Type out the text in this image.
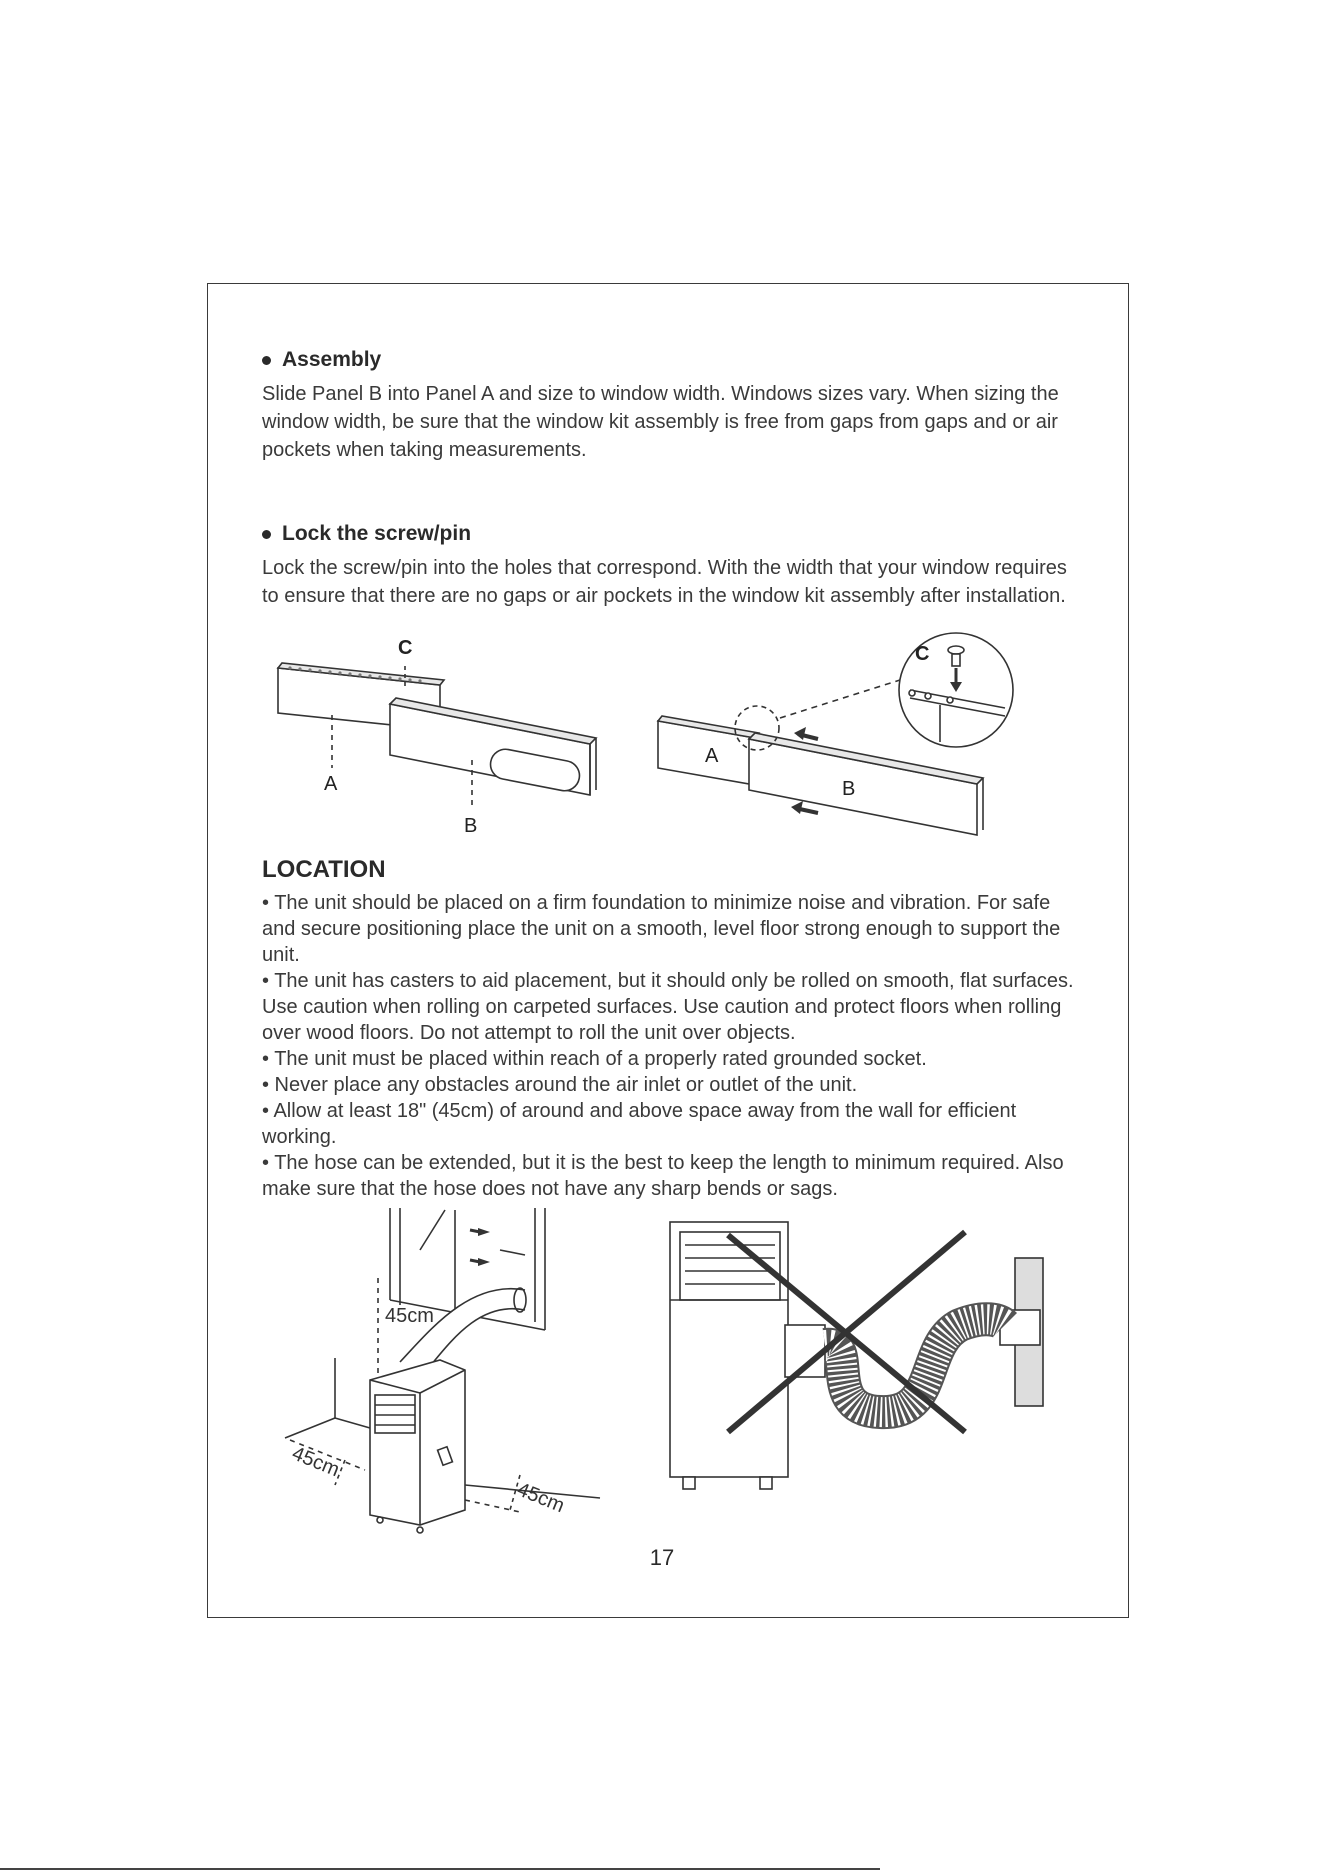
Assembly
Slide Panel B into Panel A and size to window width. Windows sizes vary. When sizing the window width, be sure that the window kit assembly is free from gaps from gaps and or air pockets when taking measurements.
Lock the screw/pin
Lock the screw/pin into the holes that correspond. With the width that your window requires to ensure that there are no gaps or air pockets in the window kit assembly after installation.
C
A
B
C
A
B
LOCATION

• The unit should be placed on a firm foundation to minimize noise and vibration. For safe and secure positioning place the unit on a smooth, level floor strong enough to support the unit.

• The unit has casters to aid placement, but it should only be rolled on smooth, flat surfaces. Use caution when rolling on carpeted surfaces. Use caution and protect floors when rolling over wood floors. Do not attempt to roll the unit over objects.

• The unit must be placed within reach of a properly rated grounded socket.

• Never place any obstacles around the air inlet or outlet of the unit.

• Allow at least 18" (45cm) of around and above space away from the wall for efficient working.

• The hose can be extended, but it is the best to keep the length to minimum required. Also make sure that the hose does not have any sharp bends or sags.

45cm
45cm
45cm
17
